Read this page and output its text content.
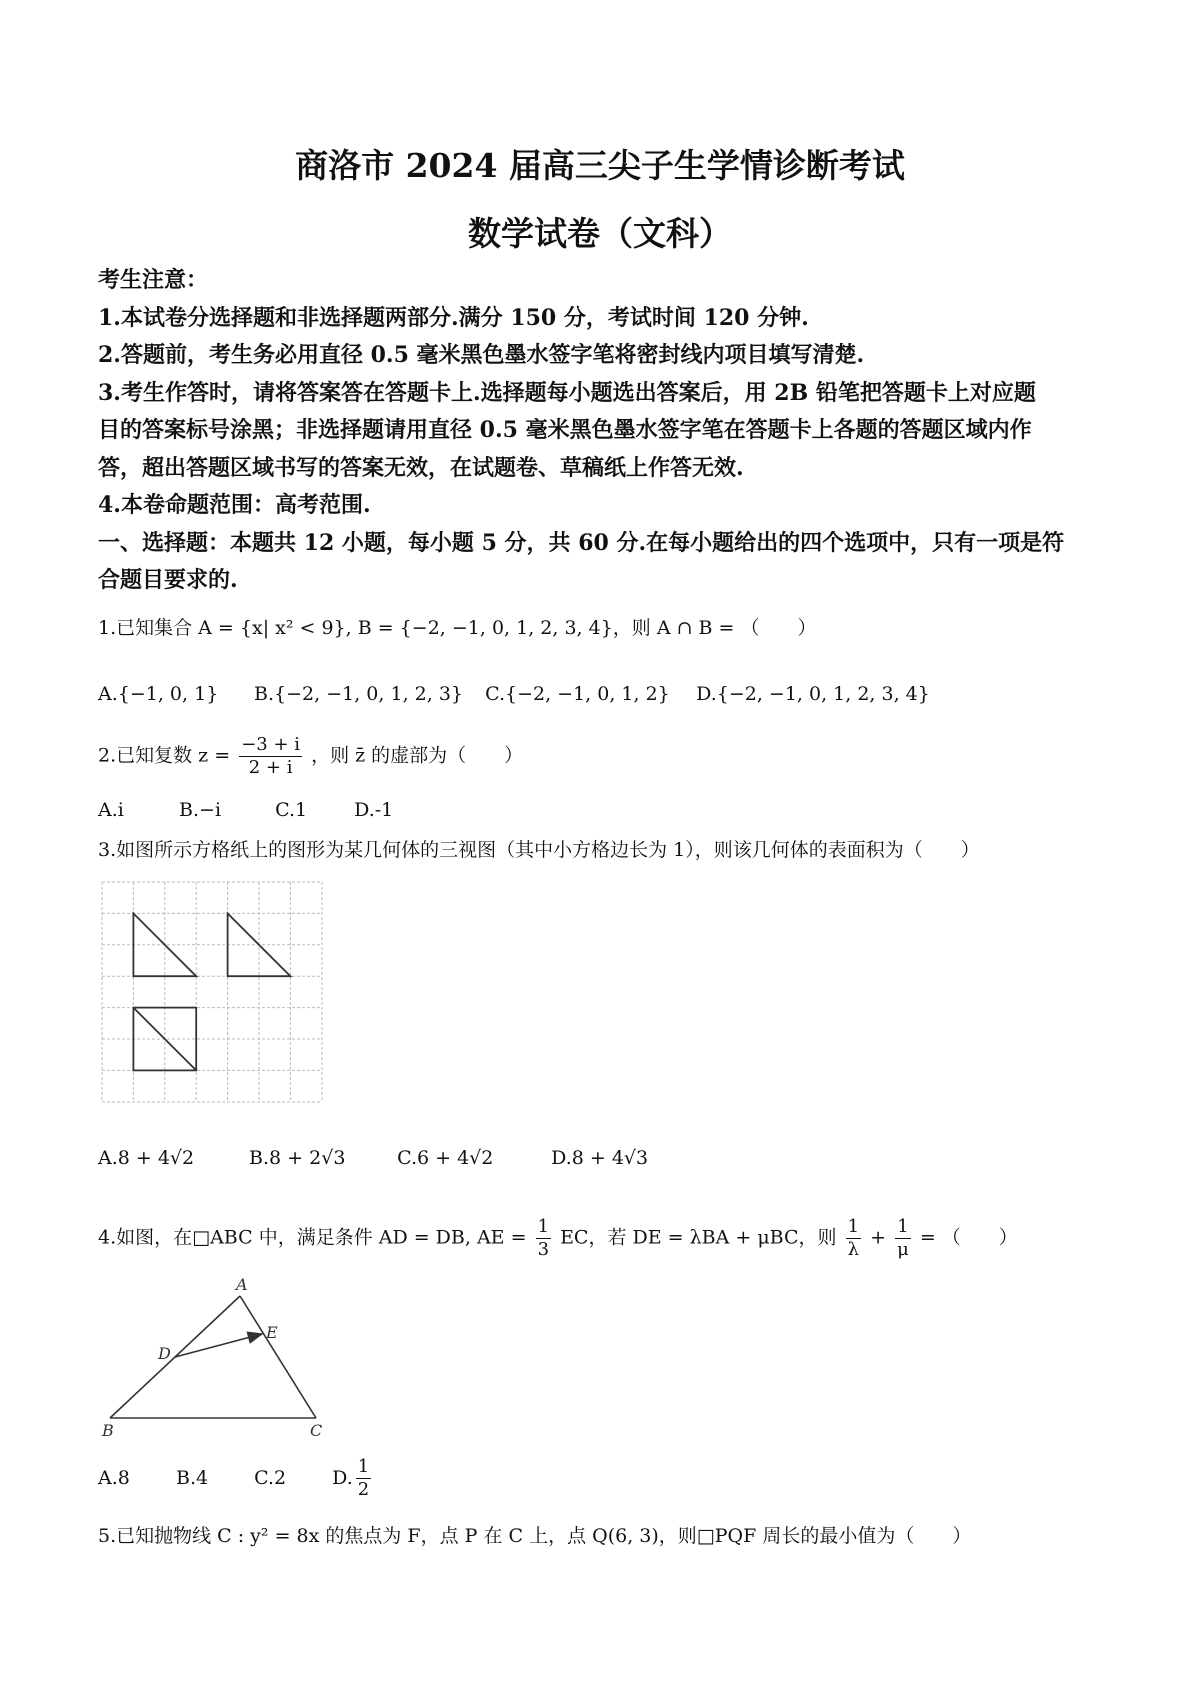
商洛市 2024 届高三尖子生学情诊断考试
数学试卷（文科）
考生注意：
1.本试卷分选择题和非选择题两部分.满分 150 分，考试时间 120 分钟.
2.答题前，考生务必用直径 0.5 毫米黑色墨水签字笔将密封线内项目填写清楚.
3.考生作答时，请将答案答在答题卡上.选择题每小题选出答案后，用 2B 铅笔把答题卡上对应题
目的答案标号涂黑；非选择题请用直径 0.5 毫米黑色墨水签字笔在答题卡上各题的答题区域内作
答，超出答题区域书写的答案无效，在试题卷、草稿纸上作答无效.
4.本卷命题范围：高考范围.
一、选择题：本题共 12 小题，每小题 5 分，共 60 分.在每小题给出的四个选项中，只有一项是符
合题目要求的.
1.已知集合 A = {x| x² < 9}, B = {−2, −1, 0, 1, 2, 3, 4}，则 A ∩ B = （　　）
A.{−1, 0, 1} B.{−2, −1, 0, 1, 2, 3} C.{−2, −1, 0, 1, 2} D.{−2, −1, 0, 1, 2, 3, 4}
2.已知复数 $z = \frac{-3 + i}{2 + i}$ ，则 z̄ 的虚部为（　　）
A.i	B.−i	C.1 D.-1
3.如图所示方格纸上的图形为某几何体的三视图（其中小方格边长为 1），则该几何体的表面积为（　　）
A.8 + 4√2	B.8 + 2√3	C.6 + 4√2	D.8 + 4√3
4.如图，在□ABC 中，满足条件 AD = DB, AE = $\frac{1}{3}$ EC，若 DE = λBA + μBC，则 $\frac{1}{\lambda} + \frac{1}{\mu}$ = （　　）
A
E
D
B	C
A.8 B.4 C.2 D. $\frac{1}{2}$
5.已知抛物线 C : y² = 8x 的焦点为 F，点 P 在 C 上，点 Q(6, 3)，则□PQF 周长的最小值为（　　）
